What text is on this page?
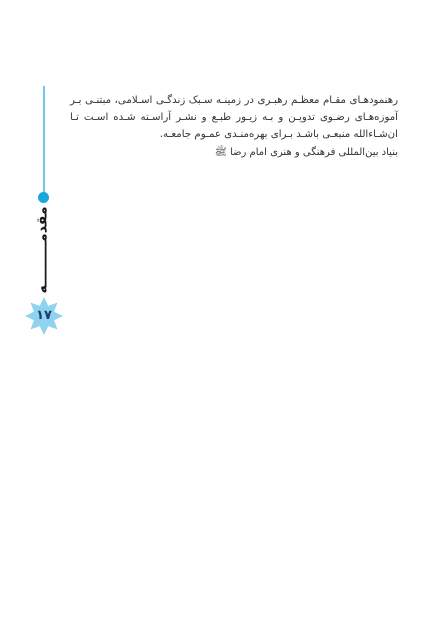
مقدمـــــــــه
۱۷

رهنمودهـای مقـام معظـم رهبـری در زمینـه سـبک زندگـی اسـلامی، مبتنـی بـر آموزه‌هـای رضـوی تدویـن و بـه زیـور طبـع و نشـر آراسـته شـده اسـت تـا ان‌شـاءالله منبعـی باشـد بـرای بهره‌منـدی عمـوم جامعـه.

بنیاد بین‌المللی فرهنگی و هنری امام رضا ﷺ
